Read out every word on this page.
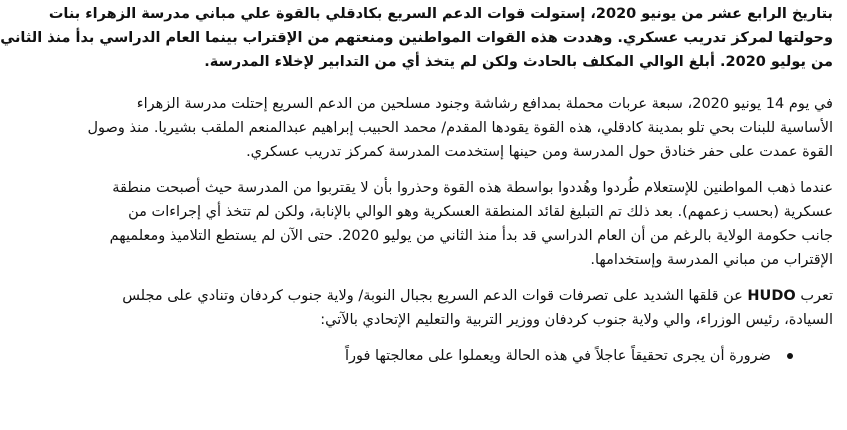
بتاريخ الرابع عشر من يونيو 2020، إستولت قوات الدعم السريع بكادقلي بالقوة علي مباني مدرسة الزهراء بنات
وحولتها لمركز تدريب عسكري. وهددت هذه القوات المواطنين ومنعتهم من الإقتراب بينما العام الدراسي بدأ منذ الثاني
من يوليو 2020. أبلغ الوالي المكلف بالحادث ولكن لم يتخذ أي من التدابير لإخلاء المدرسة.
في يوم 14 يونيو 2020، سبعة عربات محملة بمدافع رشاشة وجنود مسلحين من الدعم السريع إحتلت مدرسة الزهراء
الأساسية للبنات بحي تلو بمدينة كادقلي، هذه القوة يقودها المقدم/ محمد الحبيب إبراهيم عبدالمنعم الملقب بشيريا. منذ وصول
القوة عمدت على حفر خنادق حول المدرسة ومن حينها إستخدمت المدرسة كمركز تدريب عسكري.
عندما ذهب المواطنين للإستعلام طُردوا وهُددوا بواسطة هذه القوة وحذروا بأن لا يقتربوا من المدرسة حيث أصبحت منطقة
عسكرية (بحسب زعمهم). بعد ذلك تم التبليغ لقائد المنطقة العسكرية وهو الوالي بالإنابة، ولكن لم تتخذ أي إجراءات من
جانب حكومة الولاية بالرغم من أن العام الدراسي قد بدأ منذ الثاني من يوليو 2020. حتى الآن لم يستطع التلاميذ ومعلميهم
الإقتراب من مباني المدرسة وإستخدامها.
تعرب HUDO عن قلقها الشديد على تصرفات قوات الدعم السريع بجبال النوبة/ ولاية جنوب كردفان وتنادي على مجلس
السيادة، رئيس الوزراء، والي ولاية جنوب كردفان ووزير التربية والتعليم الإتحادي بالآتي:
ضرورة أن يجرى تحقيقاً عاجلاً في هذه الحالة ويعملوا على معالجتها فوراً
